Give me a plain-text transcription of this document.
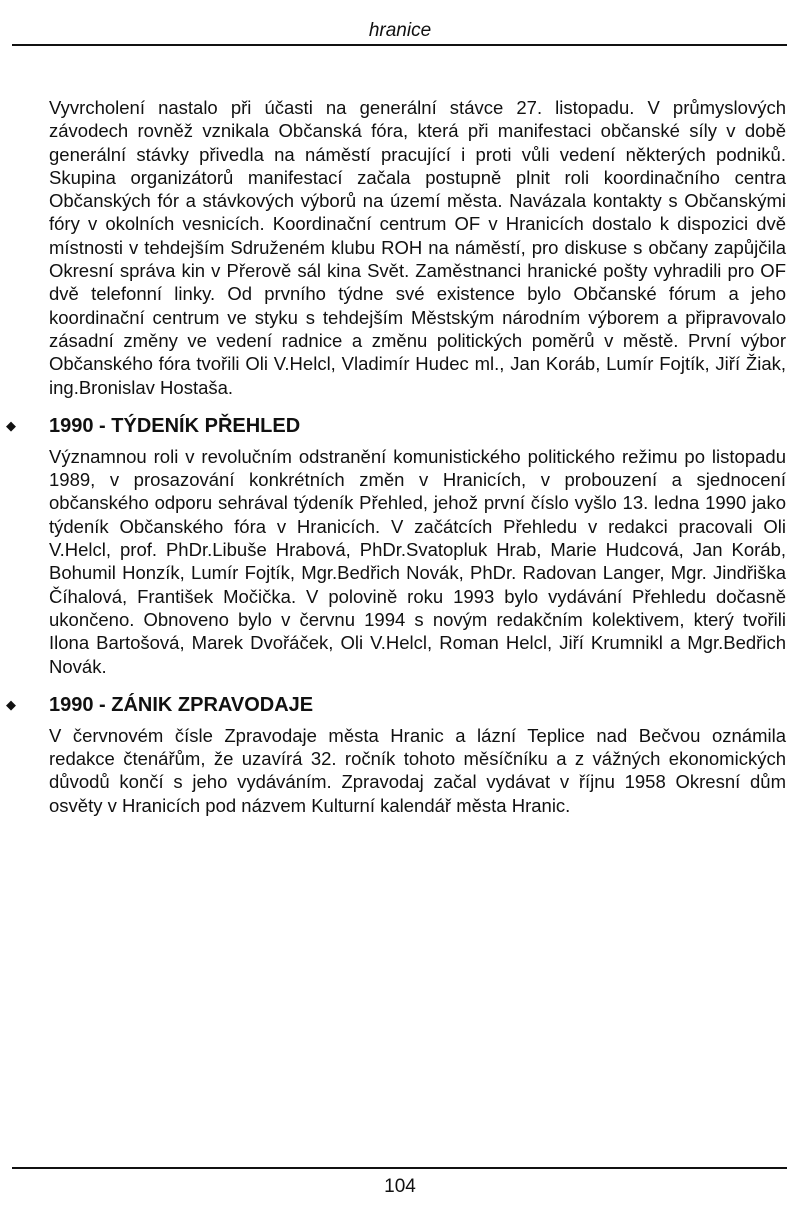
hranice

Vyvrcholení nastalo při účasti na generální stávce 27. listopadu. V průmyslových závodech rovněž vznikala Občanská fóra, která při manifestaci občanské síly v době generální stávky přivedla na náměstí pracující i proti vůli vedení některých podniků. Skupina organizátorů manifestací začala postupně plnit roli koordinačního centra Občanských fór a stávkových výborů na území města. Navázala kontakty s Občanskými fóry v okolních vesnicích. Koordinační centrum OF v Hranicích dostalo k dispozici dvě místnosti v tehdejším Sdruženém klubu ROH na náměstí, pro diskuse s občany zapůjčila Okresní správa kin v Přerově sál kina Svět. Zaměstnanci hranické pošty vyhradili pro OF dvě telefonní linky. Od prvního týdne své existence bylo Občanské fórum a jeho koordinační centrum ve styku s tehdejším Městským národním výborem a připravovalo zásadní změny ve vedení radnice a změnu politických poměrů v městě. První výbor Občanského fóra tvořili Oli V.Helcl, Vladimír Hudec ml., Jan Koráb, Lumír Fojtík, Jiří Žiak, ing.Bronislav Hostaša.

◆ 1990 - TÝDENÍK PŘEHLED

Významnou roli v revolučním odstranění komunistického politického režimu po listopadu 1989, v prosazování konkrétních změn v Hranicích, v probouzení a sjednocení občanského odporu sehrával týdeník Přehled, jehož první číslo vyšlo 13. ledna 1990 jako týdeník Občanského fóra v Hranicích. V začátcích Přehledu v redakci pracovali Oli V.Helcl, prof. PhDr.Libuše Hrabová, PhDr.Svatopluk Hrab, Marie Hudcová, Jan Koráb, Bohumil Honzík, Lumír Fojtík, Mgr.Bedřich Novák, PhDr. Radovan Langer, Mgr. Jindřiška Číhalová, František Močička. V polovině roku 1993 bylo vydávání Přehledu dočasně ukončeno. Obnoveno bylo v červnu 1994 s novým redakčním kolektivem, který tvořili Ilona Bartošová, Marek Dvořáček, Oli V.Helcl, Roman Helcl, Jiří Krumnikl a Mgr.Bedřich Novák.

◆ 1990 - ZÁNIK ZPRAVODAJE

V červnovém čísle Zpravodaje města Hranic a lázní Teplice nad Bečvou oznámila redakce čtenářům, že uzavírá 32. ročník tohoto měsíčníku a z vážných ekonomických důvodů končí s jeho vydáváním. Zpravodaj začal vydávat v říjnu 1958 Okresní dům osvěty v Hranicích pod názvem Kulturní kalendář města Hranic.

104
